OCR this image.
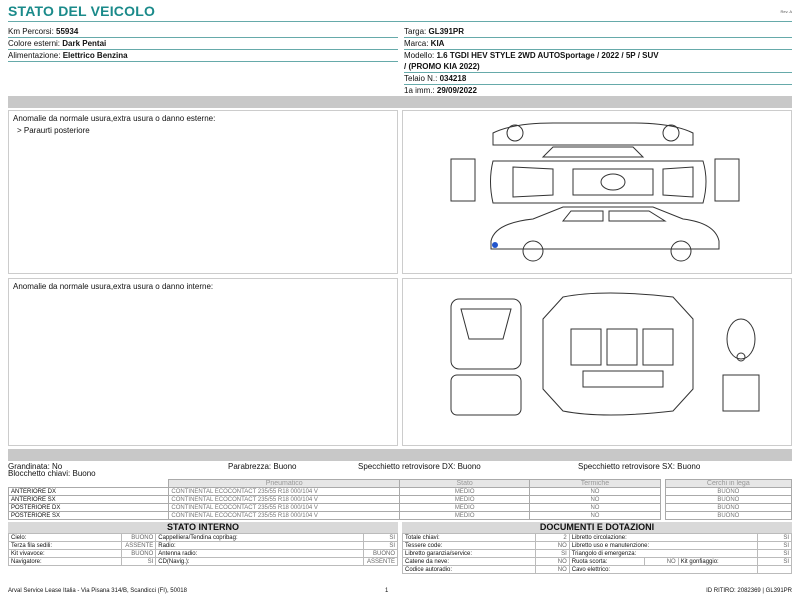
STATO DEL VEICOLO	Rev. A
Km Percorsi: 55934
Colore esterni: Dark Pentai
Alimentazione: Elettrico Benzina
Targa: GL391PR
Marca: KIA
Modello: 1.6 TGDI HEV STYLE 2WD AUTOSportage / 2022 / 5P / SUV
/ (PROMO KIA 2022)
Telaio N.: 034218
1a imm.: 29/09/2022
Anomalie da normale usura,extra usura o danno esterne:
> Paraurti posteriore
Anomalie da normale usura,extra usura o danno interne:
Grandinata: No	Parabrezza: Buono	Specchietto retrovisore DX: Buono	Specchietto retrovisore SX: Buono
Blocchetto chiavi: Buono
	Pneumatico	Stato	Termiche		Cerchi in lega
ANTERIORE DX	CONTINENTAL ECOCONTACT 235/55 R18 000/104 V	MEDIO	NO		BUONO
ANTERIORE SX	CONTINENTAL ECOCONTACT 235/55 R18 000/104 V	MEDIO	NO		BUONO
POSTERIORE DX	CONTINENTAL ECOCONTACT 235/55 R18 000/104 V	MEDIO	NO		BUONO
POSTERIORE SX	CONTINENTAL ECOCONTACT 235/55 R18 000/104 V	MEDIO	NO		BUONO
STATO INTERNO
Cielo:	BUONO	Cappelliera/Tendina copribag:	SI
Terza fila sedili:	ASSENTE	Radio:	SI
Kit vivavoce:	BUONO	Antenna radio:	BUONO
Navigatore:	SI	CD(Navig.):	ASSENTE
DOCUMENTI E DOTAZIONI
Totale chiavi:	2	Libretto circolazione:			SI
Tessere code:	NO	Libretto uso e manutenzione:			SI
Libretto garanzia/service:	SI	Triangolo di emergenza:			SI
Catene da neve:	NO	Ruota scorta:	NO	Kit gonfiaggio:	SI
Codice autoradio:	NO	Cavo elettrico:			
Arval Service Lease Italia - Via Pisana 314/B, Scandicci (FI), 50018	1	ID RITIRO: 2082369 | GL391PR
